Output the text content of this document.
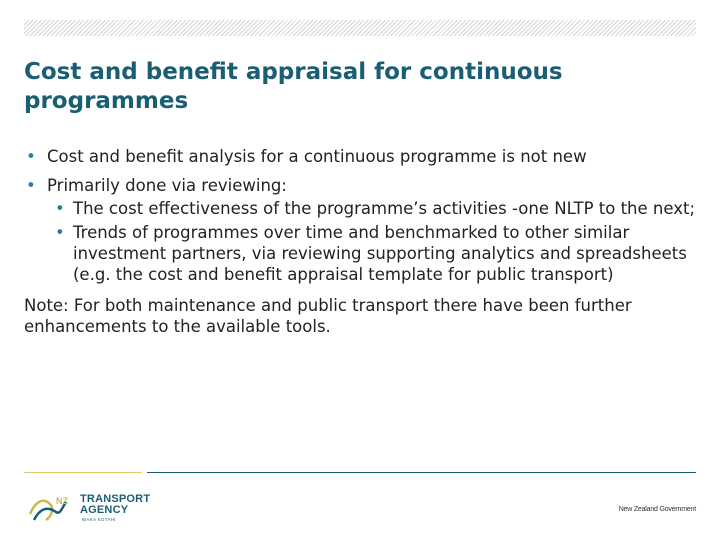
Cost and benefit appraisal for continuous programmes
• Cost and benefit analysis for a continuous programme is not new
• Primarily done via reviewing:
• The cost effectiveness of the programme’s activities -one NLTP to the next;
• Trends of programmes over time and benchmarked to other similar investment partners, via reviewing supporting analytics and spreadsheets
(e.g. the cost and benefit appraisal template for public transport)
Note: For both maintenance and public transport there have been further enhancements to the available tools.
NZ TRANSPORT
AGENCY
WAKA KOTAHI
New Zealand Government
